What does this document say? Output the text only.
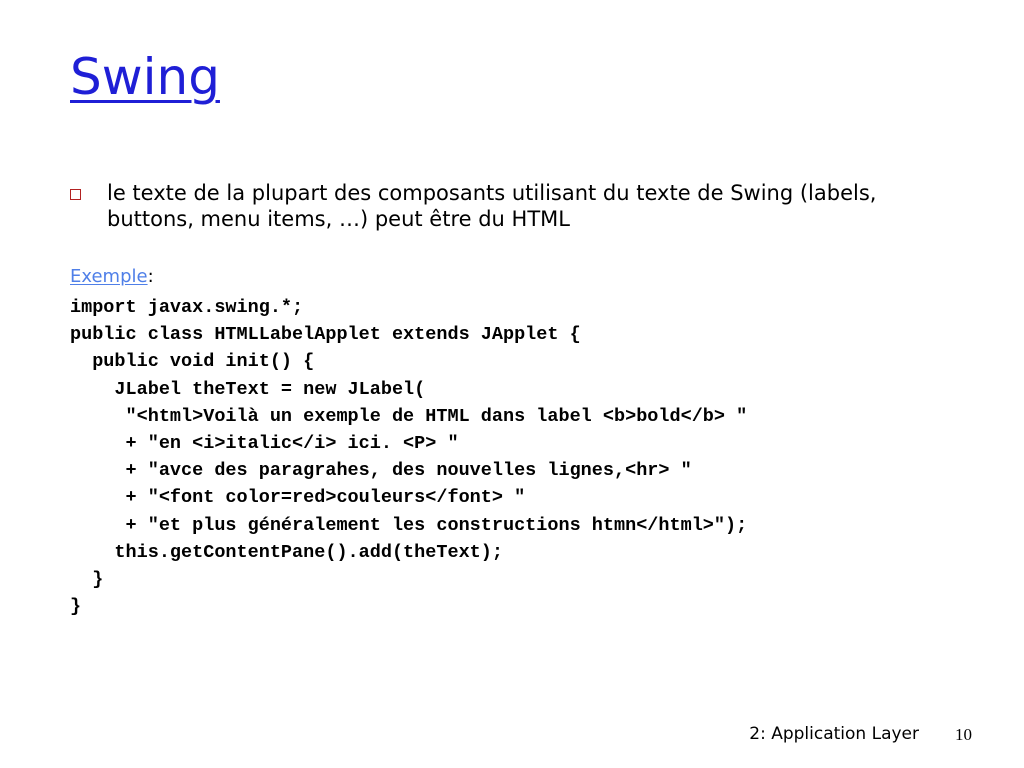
Swing
le texte de la plupart des composants utilisant du texte de Swing (labels, buttons, menu items, …) peut être du HTML
Exemple:
import javax.swing.*;
public class HTMLLabelApplet extends JApplet {
public void init() {
JLabel theText = new JLabel(
"<html>Voilà un exemple de HTML dans label <b>bold</b> "
+ "en <i>italic</i> ici. <P> "
+ "avce des paragrahes, des nouvelles lignes,<hr> "
+ "<font color=red>couleurs</font> "
+ "et plus généralement les constructions htmn</html>");
this.getContentPane().add(theText);
}
}
2: Application Layer 10
